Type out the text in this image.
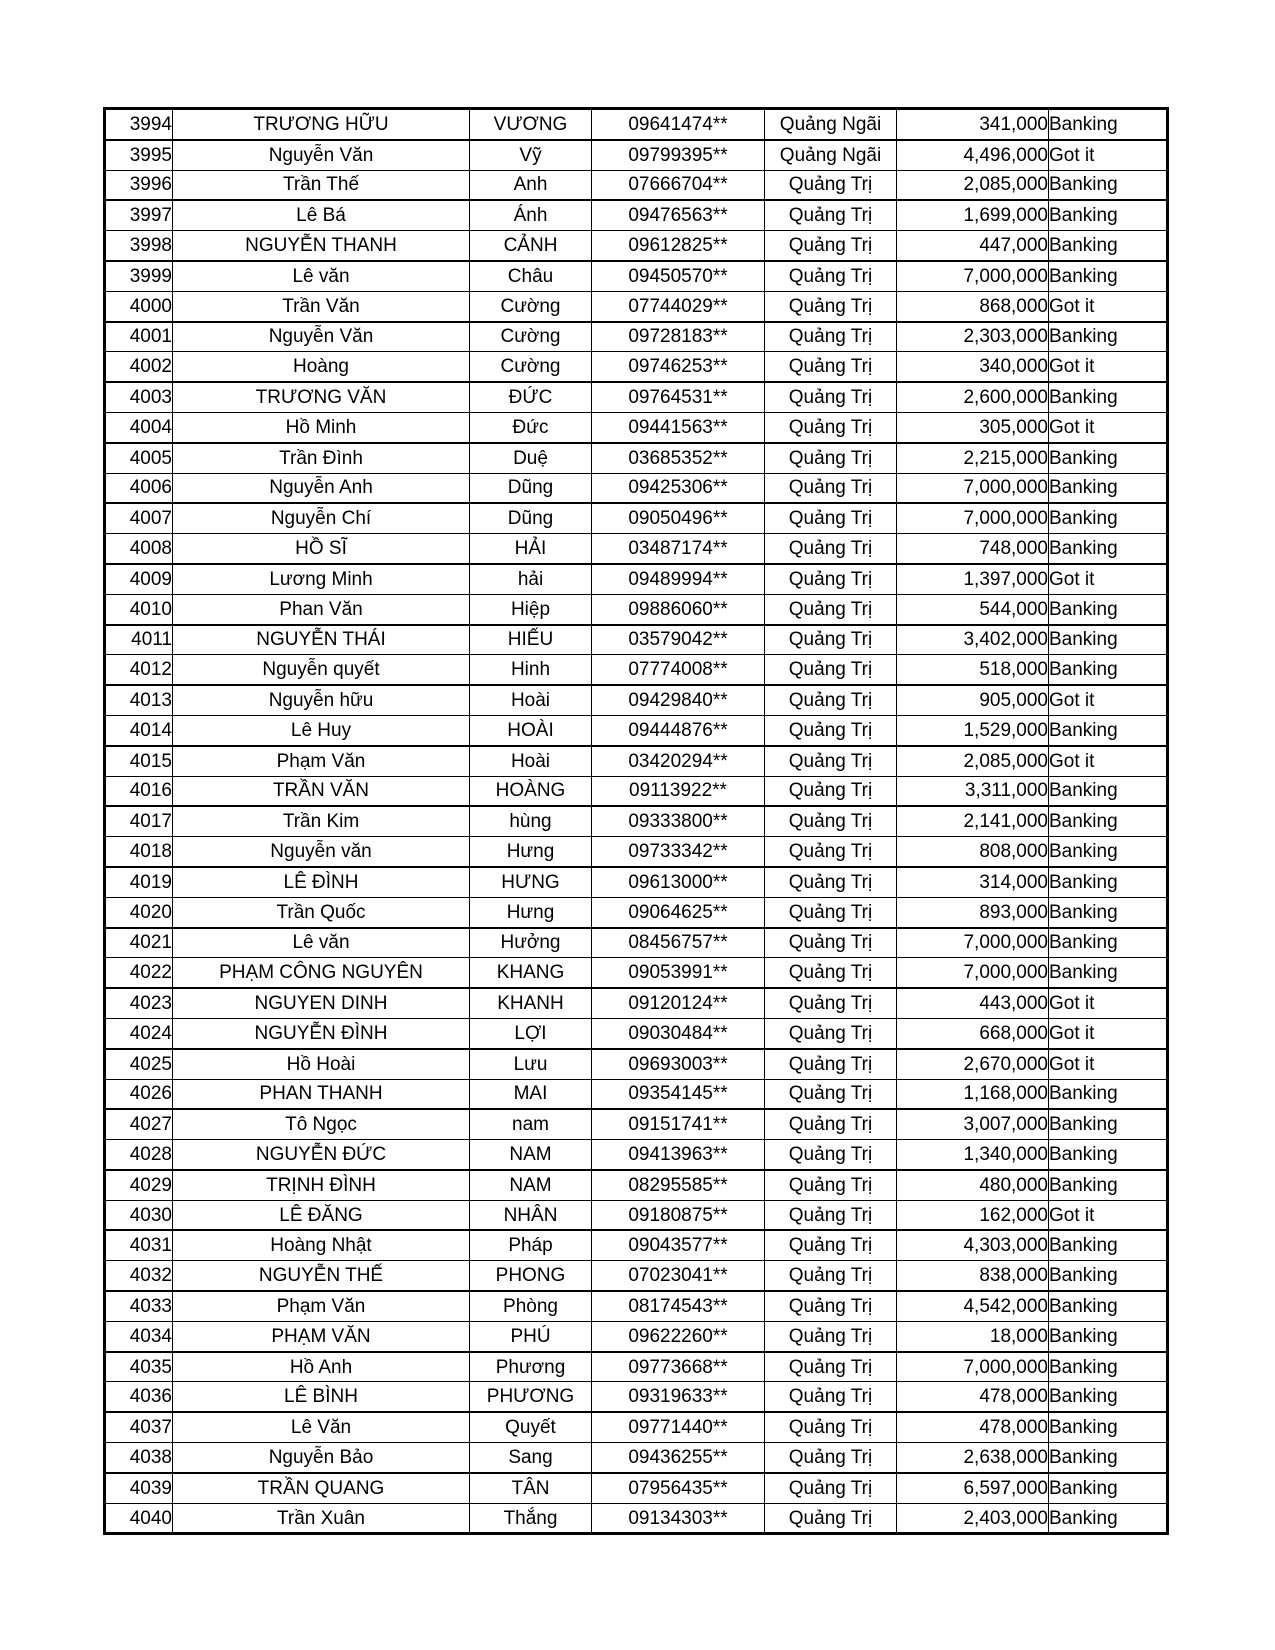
3994	TRƯƠNG HỮU	VƯƠNG	09641474**	Quảng Ngãi	341,000	Banking
3995	Nguyễn Văn	Vỹ	09799395**	Quảng Ngãi	4,496,000	Got it
3996	Trần Thế	Anh	07666704**	Quảng Trị	2,085,000	Banking
3997	Lê Bá	Ánh	09476563**	Quảng Trị	1,699,000	Banking
3998	NGUYỄN THANH	CẢNH	09612825**	Quảng Trị	447,000	Banking
3999	Lê văn	Châu	09450570**	Quảng Trị	7,000,000	Banking
4000	Trần Văn	Cường	07744029**	Quảng Trị	868,000	Got it
4001	Nguyễn Văn	Cường	09728183**	Quảng Trị	2,303,000	Banking
4002	Hoàng	Cường	09746253**	Quảng Trị	340,000	Got it
4003	TRƯƠNG VĂN	ĐỨC	09764531**	Quảng Trị	2,600,000	Banking
4004	Hồ Minh	Đức	09441563**	Quảng Trị	305,000	Got it
4005	Trần Đình	Duệ	03685352**	Quảng Trị	2,215,000	Banking
4006	Nguyễn Anh	Dũng	09425306**	Quảng Trị	7,000,000	Banking
4007	Nguyễn Chí	Dũng	09050496**	Quảng Trị	7,000,000	Banking
4008	HỒ SĨ	HẢI	03487174**	Quảng Trị	748,000	Banking
4009	Lương Minh	hải	09489994**	Quảng Trị	1,397,000	Got it
4010	Phan Văn	Hiệp	09886060**	Quảng Trị	544,000	Banking
4011	NGUYỄN THÁI	HIẾU	03579042**	Quảng Trị	3,402,000	Banking
4012	Nguyễn quyết	Hinh	07774008**	Quảng Trị	518,000	Banking
4013	Nguyễn hữu	Hoài	09429840**	Quảng Trị	905,000	Got it
4014	Lê Huy	HOÀI	09444876**	Quảng Trị	1,529,000	Banking
4015	Phạm Văn	Hoài	03420294**	Quảng Trị	2,085,000	Got it
4016	TRẦN VĂN	HOÀNG	09113922**	Quảng Trị	3,311,000	Banking
4017	Trần Kim	hùng	09333800**	Quảng Trị	2,141,000	Banking
4018	Nguyễn văn	Hưng	09733342**	Quảng Trị	808,000	Banking
4019	LÊ ĐÌNH	HƯNG	09613000**	Quảng Trị	314,000	Banking
4020	Trần Quốc	Hưng	09064625**	Quảng Trị	893,000	Banking
4021	Lê văn	Hưởng	08456757**	Quảng Trị	7,000,000	Banking
4022	PHẠM CÔNG NGUYÊN	KHANG	09053991**	Quảng Trị	7,000,000	Banking
4023	NGUYEN DINH	KHANH	09120124**	Quảng Trị	443,000	Got it
4024	NGUYỄN ĐÌNH	LỢI	09030484**	Quảng Trị	668,000	Got it
4025	Hồ Hoài	Lưu	09693003**	Quảng Trị	2,670,000	Got it
4026	PHAN THANH	MAI	09354145**	Quảng Trị	1,168,000	Banking
4027	Tô Ngọc	nam	09151741**	Quảng Trị	3,007,000	Banking
4028	NGUYỄN ĐỨC	NAM	09413963**	Quảng Trị	1,340,000	Banking
4029	TRỊNH ĐÌNH	NAM	08295585**	Quảng Trị	480,000	Banking
4030	LÊ ĐĂNG	NHÂN	09180875**	Quảng Trị	162,000	Got it
4031	Hoàng Nhật	Pháp	09043577**	Quảng Trị	4,303,000	Banking
4032	NGUYỄN THẾ	PHONG	07023041**	Quảng Trị	838,000	Banking
4033	Phạm Văn	Phòng	08174543**	Quảng Trị	4,542,000	Banking
4034	PHẠM VĂN	PHÚ	09622260**	Quảng Trị	18,000	Banking
4035	Hồ Anh	Phương	09773668**	Quảng Trị	7,000,000	Banking
4036	LÊ BÌNH	PHƯƠNG	09319633**	Quảng Trị	478,000	Banking
4037	Lê Văn	Quyết	09771440**	Quảng Trị	478,000	Banking
4038	Nguyễn Bảo	Sang	09436255**	Quảng Trị	2,638,000	Banking
4039	TRẦN QUANG	TÂN	07956435**	Quảng Trị	6,597,000	Banking
4040	Trần Xuân	Thắng	09134303**	Quảng Trị	2,403,000	Banking
